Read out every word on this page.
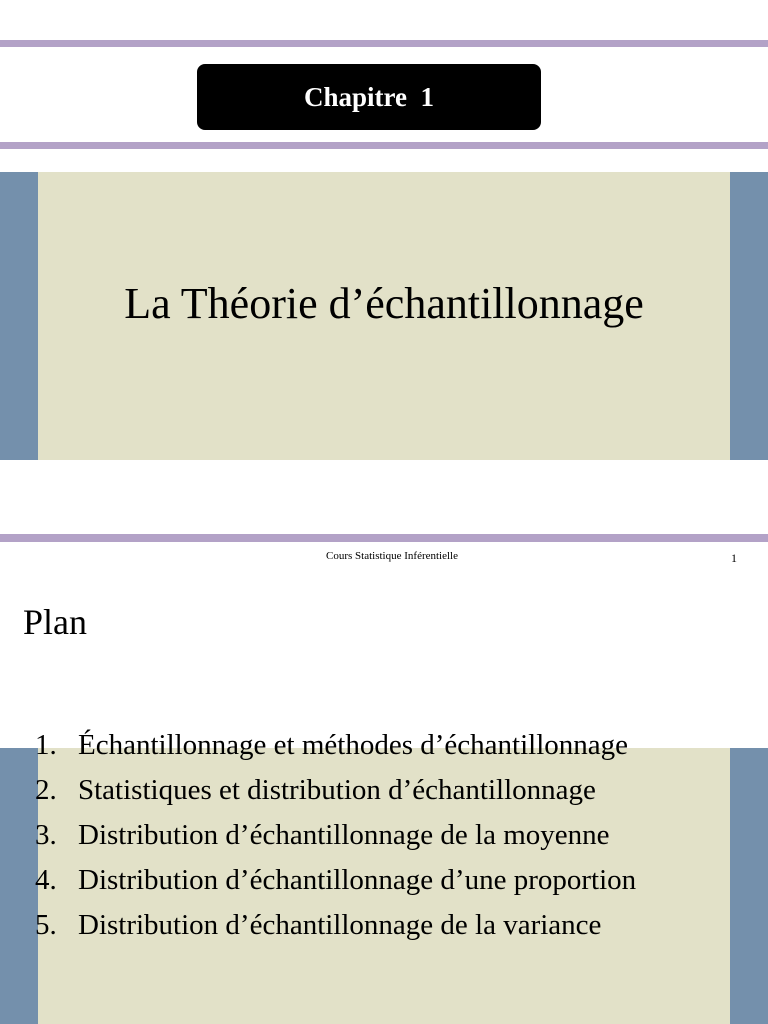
Chapitre  1
La Théorie d’échantillonnage
Cours Statistique Inférentielle	1
Plan
1. Échantillonnage et méthodes d’échantillonnage
2. Statistiques et distribution d’échantillonnage
3. Distribution d’échantillonnage de la moyenne
4. Distribution d’échantillonnage d’une proportion
5. Distribution d’échantillonnage de la variance
